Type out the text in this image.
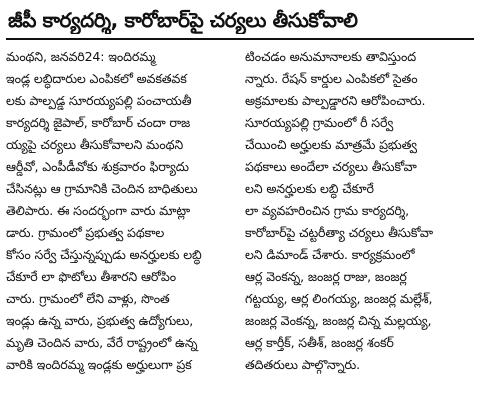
జీపీ కార్యదర్శి, కారోబార్‌పై చర్యలు తీసుకోవాలి
మంథని, జనవరి24: ఇందిరమ్మ
ఇండ్ల లబ్ధిదారుల ఎంపికలో అవకతవక
లకు పాల్పడ్డ సూరయ్యపల్లి పంచాయతీ
కార్యదర్శి జైపాల్‌, కారోబార్‌ చందా రాజ
య్యపై చర్యలు తీసుకోవాలని మంథని
ఆర్డీవో, ఎంపీడీవోకు శుక్రవారం ఫిర్యాదు
చేసినట్లు ఆ గ్రామానికి చెందిన బాధితులు
తెలిపారు. ఈ సందర్భంగా వారు మాట్లా
డారు. గ్రామంలో ప్రభుత్వ పథకాల
కోసం సర్వే చేస్తున్నప్పుడు అనర్హులకు లబ్ధి
చేకూరే లా ఫొటోలు తీశారని ఆరోపిం
చారు. గ్రామంలో లేని వాళ్లు, సొంత
ఇండ్లు ఉన్న వారు, ప్రభుత్వ ఉద్యోగులు,
మృతి చెందిన వారు, వేరే రాష్ట్రంలో ఉన్న
వారికి ఇందిరమ్మ ఇండ్లకు అర్హులుగా ప్రక
టించడం అనుమానాలకు తావిస్తుంద
న్నారు. రేషన్‌ కార్డుల ఎంపికలో సైతం
అక్రమాలకు పాల్పడ్డారని ఆరోపించారు.
సూరయ్యపల్లి గ్రామంలో రీ సర్వే
చేయించి అర్హులకు మాత్రమే ప్రభుత్వ
పథకాలు అందేలా చర్యలు తీసుకోవా
లని అనర్హులకు లబ్ధి చేకూరే
లా వ్యవహరించిన గ్రామ కార్యదర్శి,
కారోబార్‌పై చట్టరీత్యా చర్యలు తీసుకోవా
లని డిమాండ్‌ చేశారు. కార్యక్రమంలో
ఆర్ల వెంకన్న, జంజర్ల రాజు, జంజర్ల
గట్టయ్య, ఆర్ల లింగయ్య, జంజర్ల మల్లేశ్‌,
జంజర్ల వెంకన్న, జంజర్ల చిన్న మల్లయ్య,
ఆర్ల కార్తీక్‌, సతీశ్‌, జంజర్ల శంకర్‌
తదితరులు పాల్గొన్నారు.
